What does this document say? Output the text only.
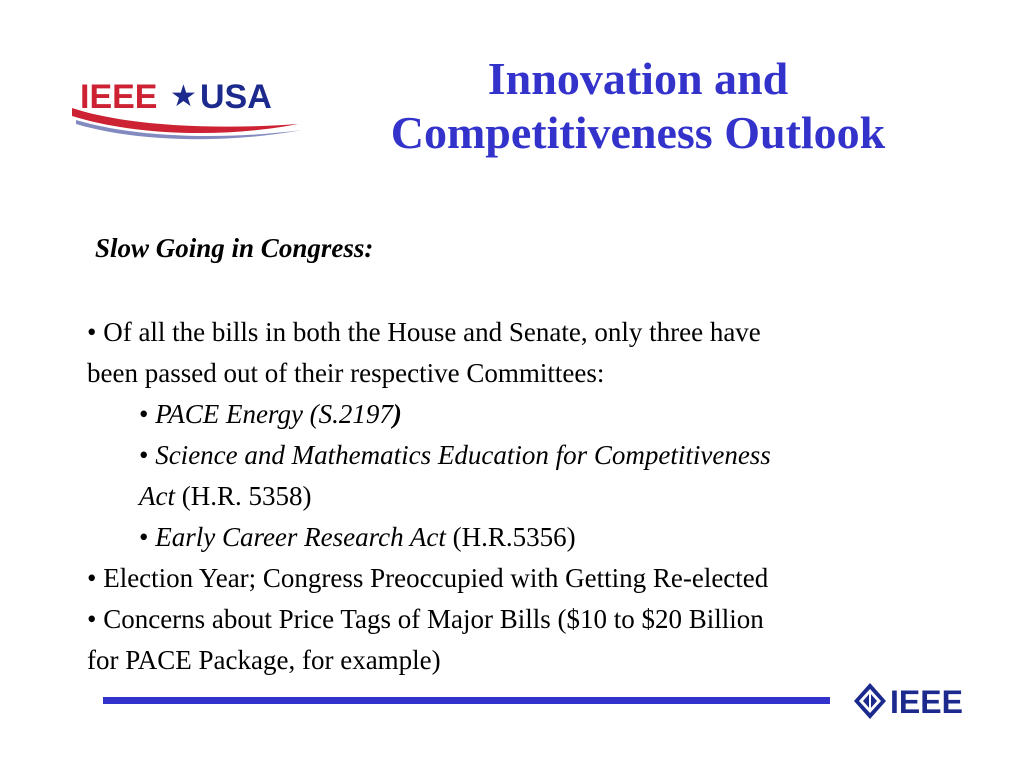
IEEE ★ USA	Innovation and
Competitiveness Outlook
Slow Going in Congress:
• Of all the bills in both the House and Senate, only three have
been passed out of their respective Committees:
• PACE Energy (S.2197)
• Science and Mathematics Education for Competitiveness
Act (H.R. 5358)
• Early Career Research Act (H.R.5356)
• Election Year; Congress Preoccupied with Getting Re-elected
• Concerns about Price Tags of Major Bills ($10 to $20 Billion
for PACE Package, for example)
IEEE
